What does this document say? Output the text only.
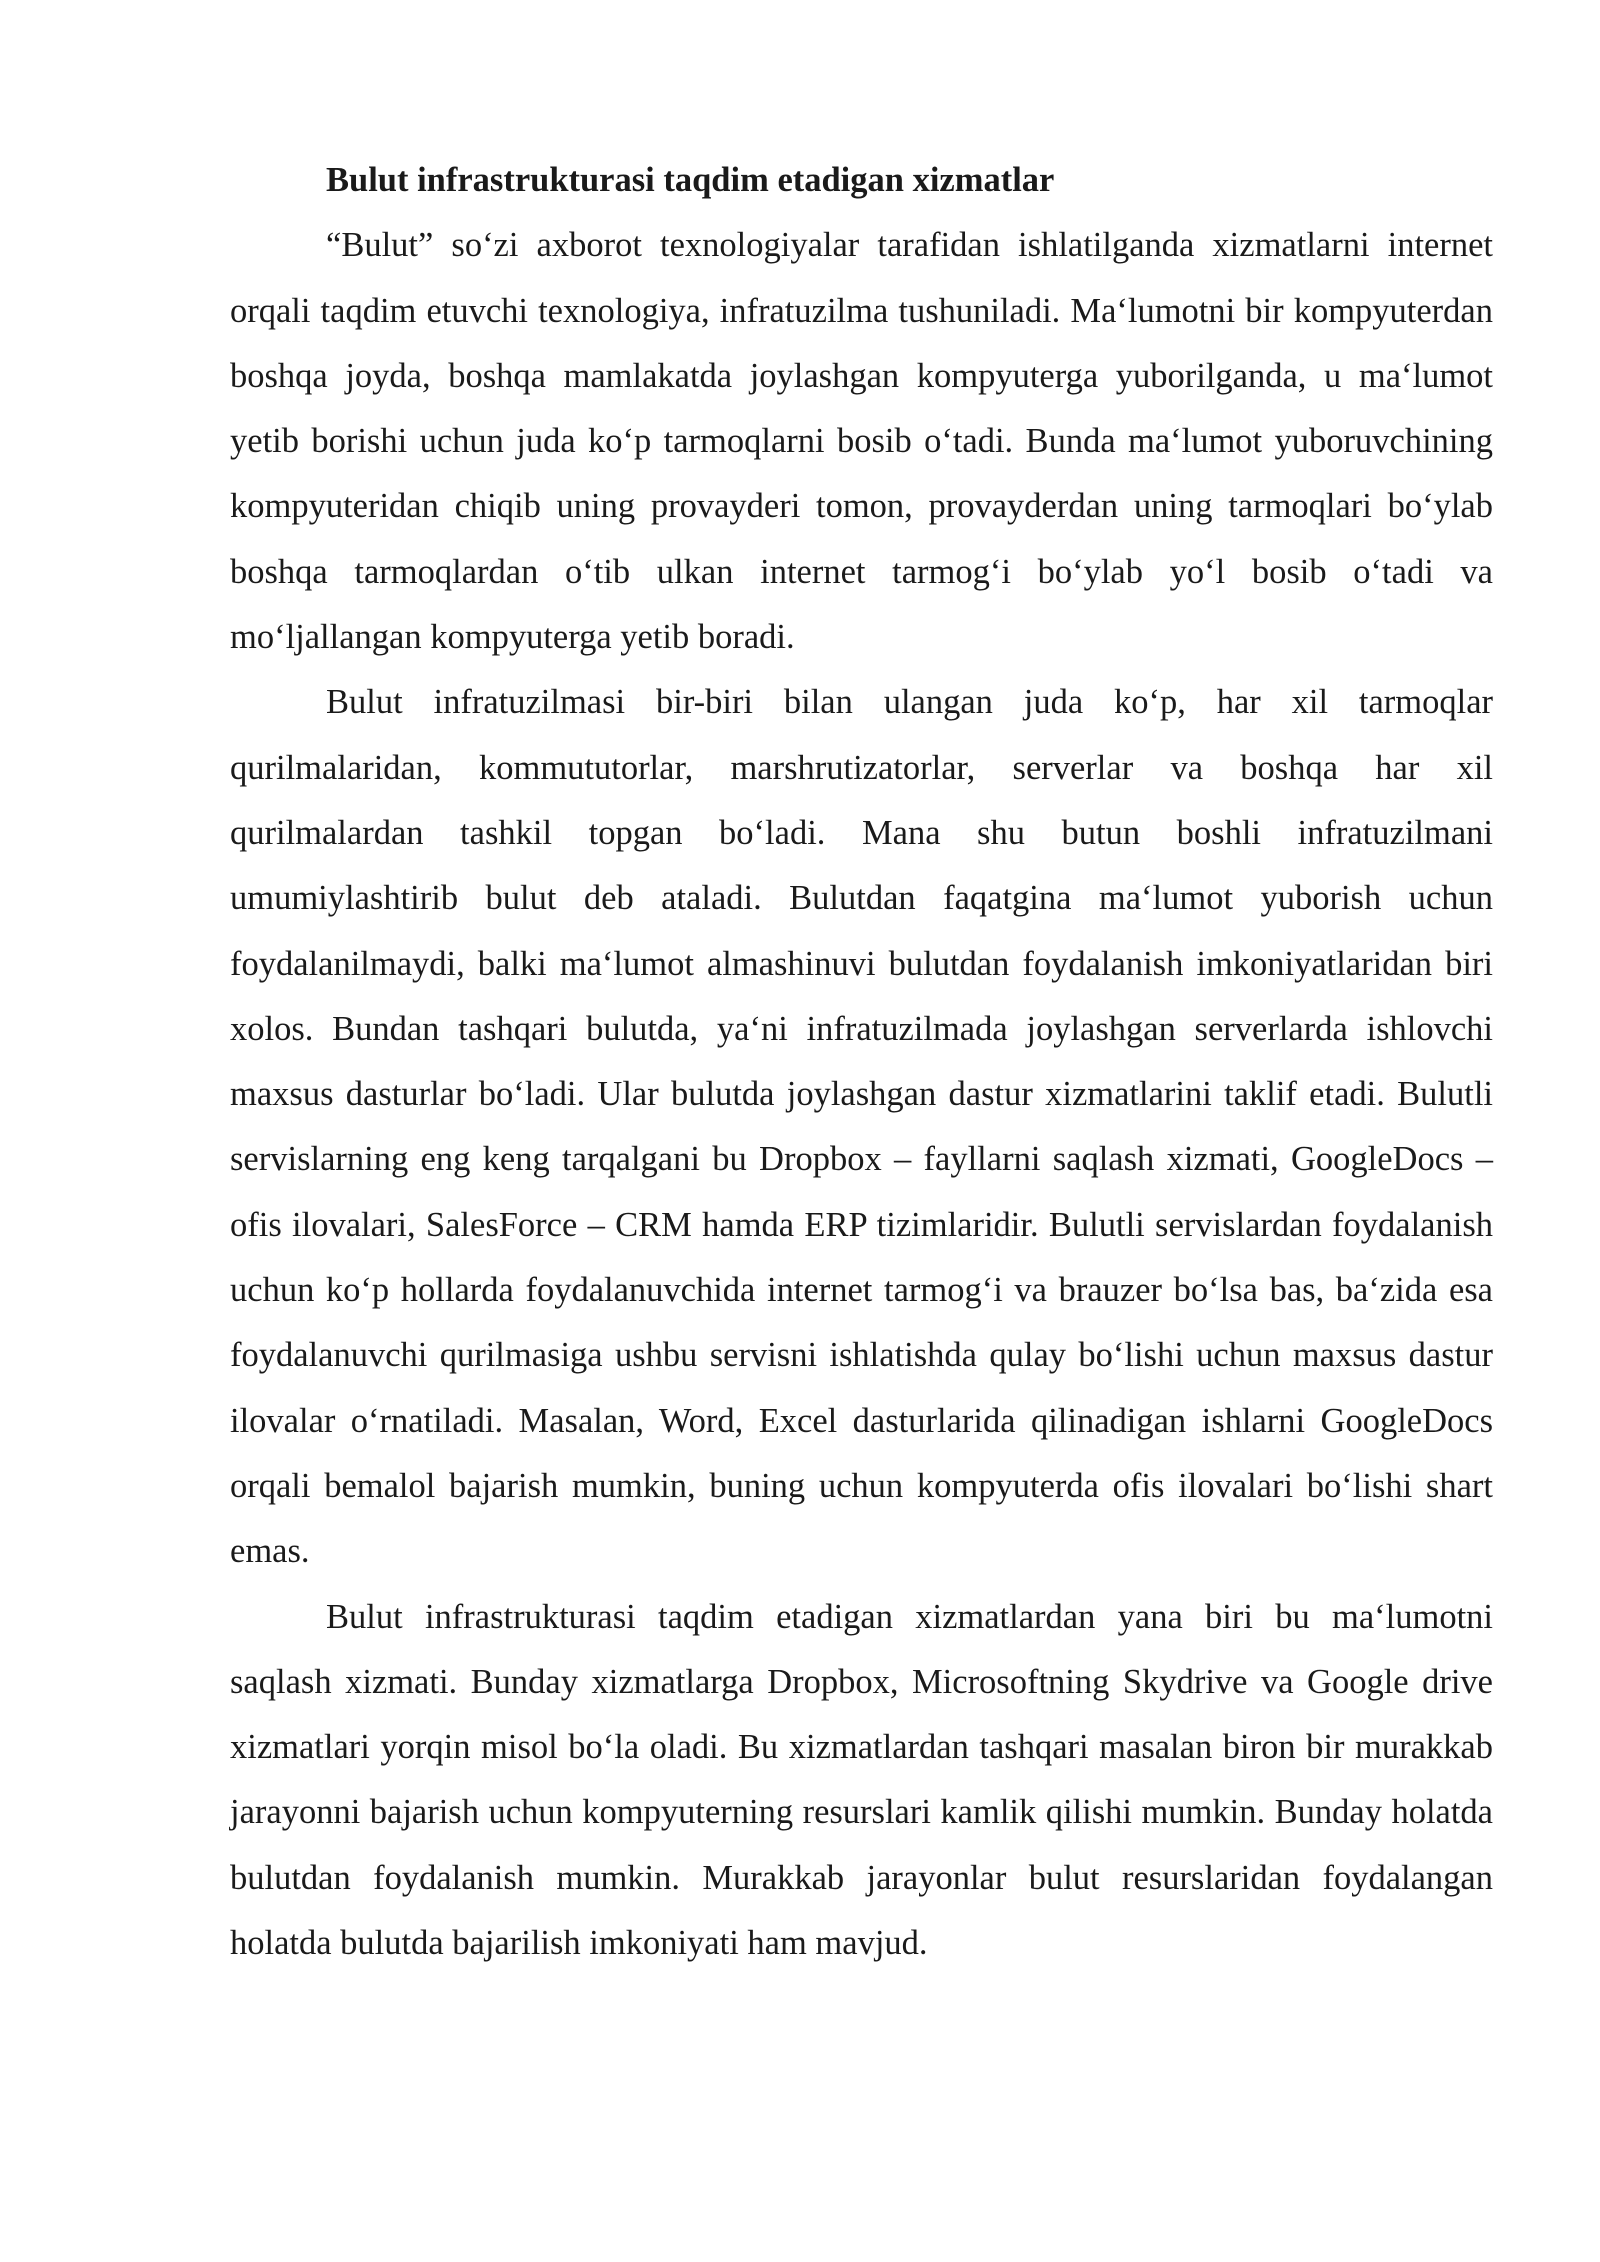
Bulut infrastrukturasi taqdim etadigan xizmatlar

“Bulut” so‘zi axborot texnologiyalar tarafidan ishlatilganda xizmatlarni internet orqali taqdim etuvchi texnologiya, infratuzilma tushuniladi. Ma‘lumotni bir kompyuterdan boshqa joyda, boshqa mamlakatda joylashgan kompyuterga yuborilganda, u ma‘lumot yetib borishi uchun juda ko‘p tarmoqlarni bosib o‘tadi. Bunda ma‘lumot yuboruvchining kompyuteridan chiqib uning provayderi tomon, provayderdan uning tarmoqlari bo‘ylab boshqa tarmoqlardan o‘tib ulkan internet tarmog‘i bo‘ylab yo‘l bosib o‘tadi va mo‘ljallangan kompyuterga yetib boradi.

Bulut infratuzilmasi bir-biri bilan ulangan juda ko‘p, har xil tarmoqlar qurilmalaridan, kommututorlar, marshrutizatorlar, serverlar va boshqa har xil qurilmalardan tashkil topgan bo‘ladi. Mana shu butun boshli infratuzilmani umumiylashtirib bulut deb ataladi. Bulutdan faqatgina ma‘lumot yuborish uchun foydalanilmaydi, balki ma‘lumot almashinuvi bulutdan foydalanish imkoniyatlaridan biri xolos. Bundan tashqari bulutda, ya‘ni infratuzilmada joylashgan serverlarda ishlovchi maxsus dasturlar bo‘ladi. Ular bulutda joylashgan dastur xizmatlarini taklif etadi. Bulutli servislarning eng keng tarqalgani bu Dropbox – fayllarni saqlash xizmati, GoogleDocs – ofis ilovalari, SalesForce – CRM hamda ERP tizimlaridir. Bulutli servislardan foydalanish uchun ko‘p hollarda foydalanuvchida internet tarmog‘i va brauzer bo‘lsa bas, ba‘zida esa foydalanuvchi qurilmasiga ushbu servisni ishlatishda qulay bo‘lishi uchun maxsus dastur ilovalar o‘rnatiladi. Masalan, Word, Excel dasturlarida qilinadigan ishlarni GoogleDocs orqali bemalol bajarish mumkin, buning uchun kompyuterda ofis ilovalari bo‘lishi shart emas.

Bulut infrastrukturasi taqdim etadigan xizmatlardan yana biri bu ma‘lumotni saqlash xizmati. Bunday xizmatlarga Dropbox, Microsoftning Skydrive va Google drive xizmatlari yorqin misol bo‘la oladi. Bu xizmatlardan tashqari masalan biron bir murakkab jarayonni bajarish uchun kompyuterning resurslari kamlik qilishi mumkin. Bunday holatda bulutdan foydalanish mumkin. Murakkab jarayonlar bulut resurslaridan foydalangan holatda bulutda bajarilish imkoniyati ham mavjud.
